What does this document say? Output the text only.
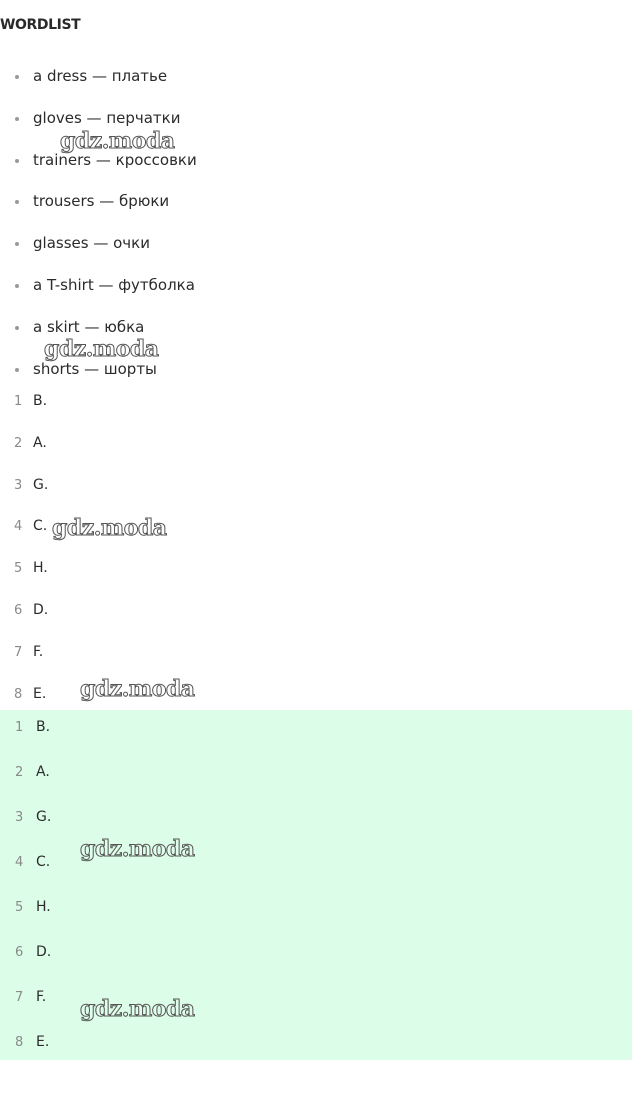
WORDLIST
a dress — платье
gloves — перчатки
trainers — кроссовки
trousers — брюки
glasses — очки
a T-shirt — футболка
a skirt — юбка
shorts — шорты
1 B.
2 A.
3 G.
4 C.
5 H.
6 D.
7 F.
8 E.
1 B.
2 A.
3 G.
4 C.
5 H.
6 D.
7 F.
8 E.
gdz.moda
gdz.moda
gdz.moda
gdz.moda
gdz.moda
gdz.moda
